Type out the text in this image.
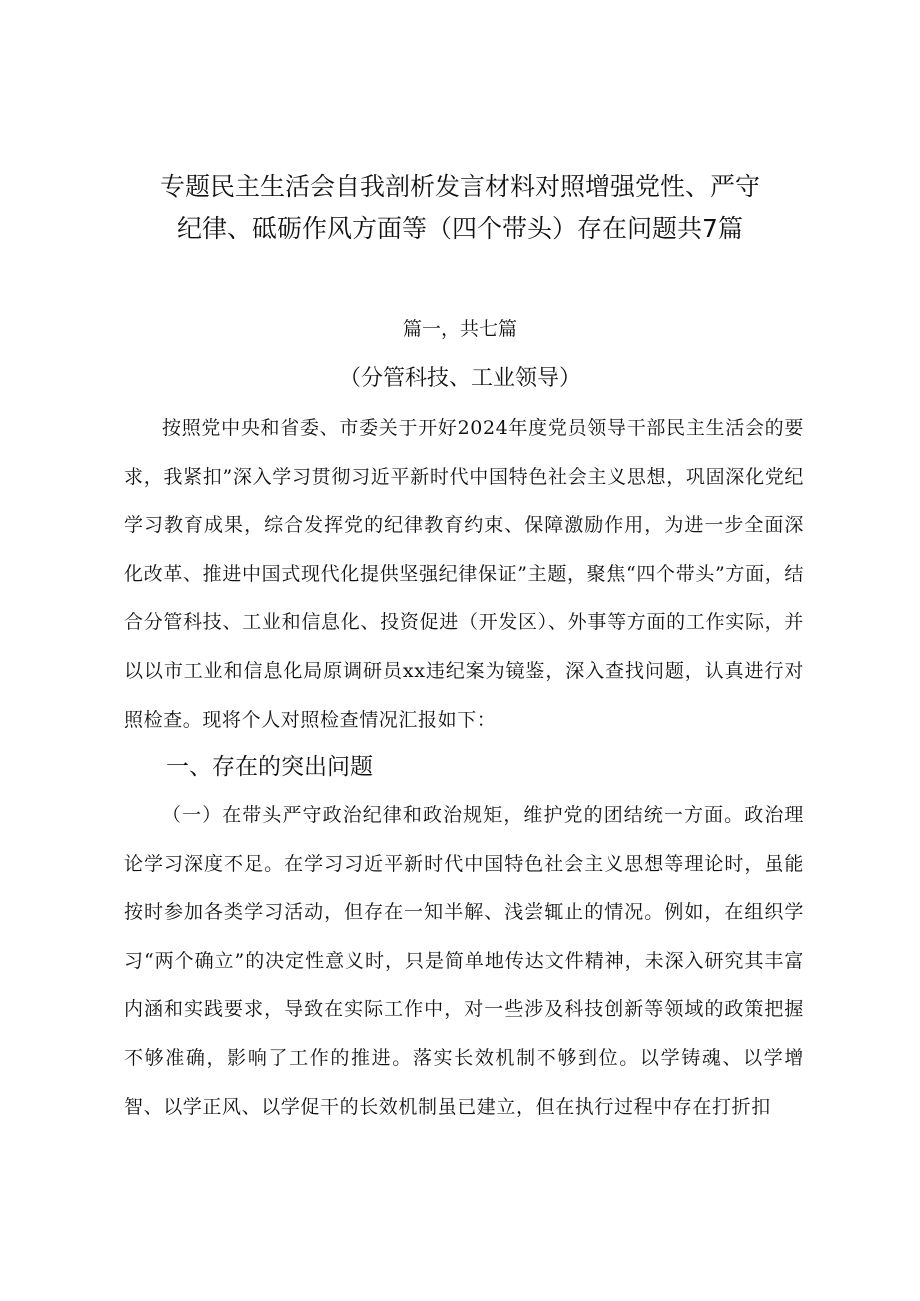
专题民主生活会自我剖析发言材料对照增强党性、严守
纪律、砥砺作风方面等（四个带头）存在问题共7篇
篇一，共七篇
（分管科技、工业领导）
按照党中央和省委、市委关于开好2024年度党员领导干部民主生活会的要求，我紧扣”深入学习贯彻习近平新时代中国特色社会主义思想，巩固深化党纪学习教育成果，综合发挥党的纪律教育约束、保障激励作用，为进一步全面深化改革、推进中国式现代化提供坚强纪律保证”主题，聚焦“四个带头”方面，结合分管科技、工业和信息化、投资促进（开发区）、外事等方面的工作实际，并以以市工业和信息化局原调研员xx违纪案为镜鉴，深入查找问题，认真进行对照检查。现将个人对照检查情况汇报如下：
一、存在的突出问题
（一）在带头严守政治纪律和政治规矩，维护党的团结统一方面。政治理论学习深度不足。在学习习近平新时代中国特色社会主义思想等理论时，虽能按时参加各类学习活动，但存在一知半解、浅尝辄止的情况。例如，在组织学习“两个确立”的决定性意义时，只是简单地传达文件精神，未深入研究其丰富内涵和实践要求，导致在实际工作中，对一些涉及科技创新等领域的政策把握不够准确，影响了工作的推进。落实长效机制不够到位。以学铸魂、以学增智、以学正风、以学促干的长效机制虽已建立，但在执行过程中存在打折扣
